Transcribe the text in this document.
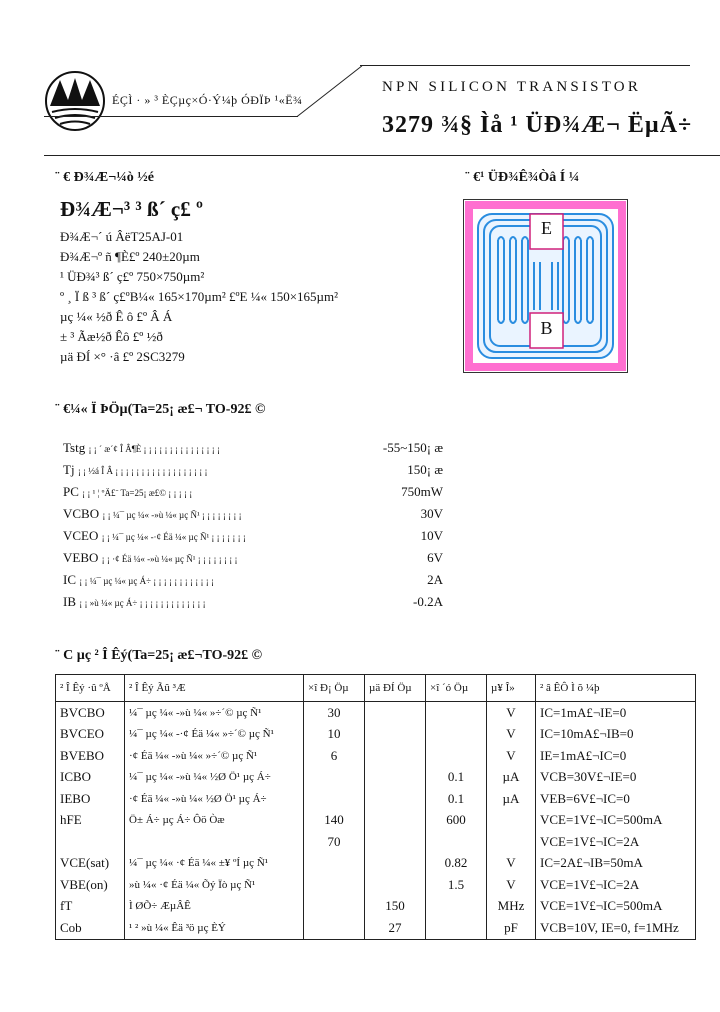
ÉÇÌ · » ³ ÈÇµç×Ó·Ý¼þ ÓÐÏÞ ¹«Ë¾
NPN SILICON TRANSISTOR
3279 ¾§ Ìå ¹ ÜÐ¾Æ¬ ËµÃ÷
¨ € Ð¾Æ¬¼ò ½é
Ð¾Æ¬³ ³ ß´ ç£ º
Ð¾Æ¬´ ú ÂëT25AJ-01
Ð¾Æ¬º ñ ¶È£º 240±20µm
¹ ÜÐ¾³ ß´ ç£º 750×750µm²
º ¸ Ï ß ³ ß´ ç£ºB¼« 165×170µm² £ºE ¼« 150×165µm²
µç ¼« ½ð Ê ô £º Â Á
± ³ Ãæ½ð Êô £º ½ð
µä ÐÍ ×° ·â £º 2SC3279
¨ €¹ ÜÐ¾Ê¾Òâ Í ¼
E
B
¨ €¼« Ï ÞÖµ(Ta=25¡ æ£¬ TO-92£ ©
Tstg ¡ ¡ ´ æ´¢ Î Â¶È ¡ ¡ ¡ ¡ ¡ ¡ ¡ ¡ ¡ ¡ ¡ ¡ ¡ ¡ ¡	-55~150¡ æ
Tj ¡ ¡ ½á Î Â ¡ ¡ ¡ ¡ ¡ ¡ ¡ ¡ ¡ ¡ ¡ ¡ ¡ ¡ ¡ ¡ ¡ ¡	150¡ æ
PC ¡ ¡ ¹ ¦ ºÄ£¨ Ta=25¡ æ£© ¡ ¡ ¡ ¡ ¡	750mW
VCBO ¡ ¡ ¼¯ µç ¼« -»ù ¼« µç Ñ¹ ¡ ¡ ¡ ¡ ¡ ¡ ¡ ¡	30V
VCEO ¡ ¡ ¼¯ µç ¼« -·¢ Éä ¼« µç Ñ¹ ¡ ¡ ¡ ¡ ¡ ¡ ¡	10V
VEBO ¡ ¡ ·¢ Éä ¼« -»ù ¼« µç Ñ¹ ¡ ¡ ¡ ¡ ¡ ¡ ¡ ¡	6V
IC ¡ ¡ ¼¯ µç ¼« µç Á÷ ¡ ¡ ¡ ¡ ¡ ¡ ¡ ¡ ¡ ¡ ¡ ¡	2A
IB ¡ ¡ »ù ¼« µç Á÷ ¡ ¡ ¡ ¡ ¡ ¡ ¡ ¡ ¡ ¡ ¡ ¡ ¡	-0.2A
¨ C µç ² Î Êý(Ta=25¡ æ£¬TO-92£ ©
² Î Êý ·û ºÅ	² Î Êý Ãû ³Æ	×î Ð¡ Öµ	µä ÐÍ Öµ	×î ´ó Öµ	µ¥ Î»	² â ÊÔ Ì õ ¼þ
BVCBO	¼¯ µç ¼« -»ù ¼« »÷´© µç Ñ¹	30			V	IC=1mA£¬IE=0
BVCEO	¼¯ µç ¼« -·¢ Éä ¼« »÷´© µç Ñ¹	10			V	IC=10mA£¬IB=0
BVEBO	·¢ Éä ¼« -»ù ¼« »÷´© µç Ñ¹	6			V	IE=1mA£¬IC=0
ICBO	¼¯ µç ¼« -»ù ¼« ½Ø Ö¹ µç Á÷			0.1	µA	VCB=30V£¬IE=0
IEBO	·¢ Éä ¼« -»ù ¼« ½Ø Ö¹ µç Á÷			0.1	µA	VEB=6V£¬IC=0
hFE	Ö± Á÷ µç Á÷ Ôö Òæ	140		600		VCE=1V£¬IC=500mA
		70				VCE=1V£¬IC=2A
VCE(sat)	¼¯ µç ¼« ·¢ Éä ¼« ±¥ ºÍ µç Ñ¹			0.82	V	IC=2A£¬IB=50mA
VBE(on)	»ù ¼« ·¢ Éä ¼« Õý Ïò µç Ñ¹			1.5	V	VCE=1V£¬IC=2A
fT	Ì ØÕ÷ ÆµÂÊ		150		MHz	VCE=1V£¬IC=500mA
Cob	¹ ² »ù ¼« Êä ³ö µç ÈÝ		27		pF	VCB=10V, IE=0, f=1MHz
